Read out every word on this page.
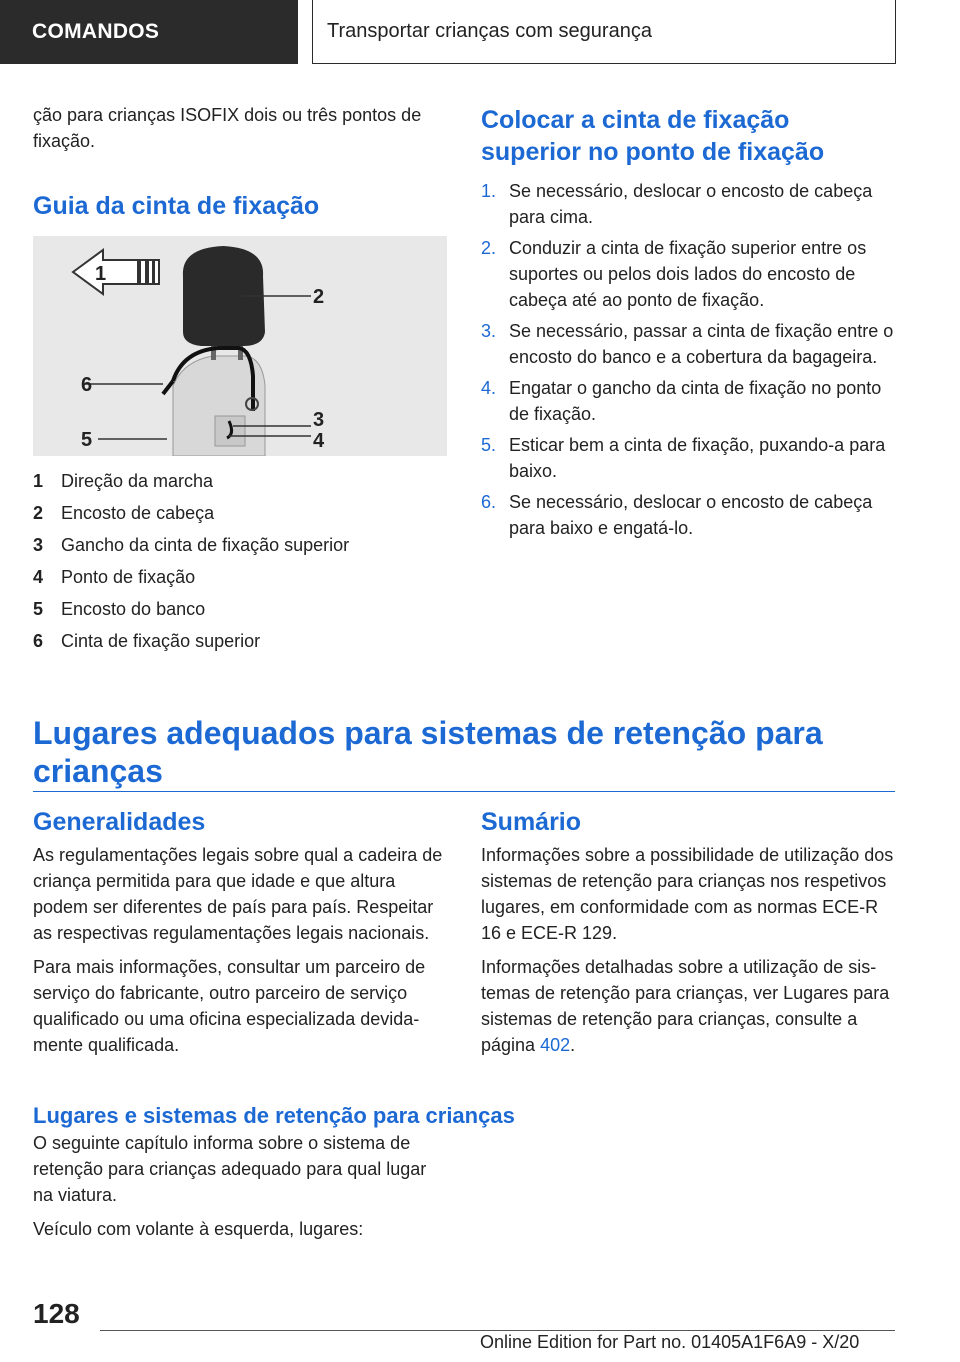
COMANDOS	Transportar crianças com segurança

ção para crianças ISOFIX dois ou três pontos de fixação.

Guia da cinta de fixação
1
2
3
4
5
6
1 Direção da marcha
2 Encosto de cabeça
3 Gancho da cinta de fixação superior
4 Ponto de fixação
5 Encosto do banco
6 Cinta de fixação superior
Colocar a cinta de fixação superior no ponto de fixação
1. Se necessário, deslocar o encosto de cabeça para cima.
2. Conduzir a cinta de fixação superior entre os suportes ou pelos dois lados do encosto de cabeça até ao ponto de fixação.
3. Se necessário, passar a cinta de fixação entre o encosto do banco e a cobertura da bagageira.
4. Engatar o gancho da cinta de fixação no ponto de fixação.
5. Esticar bem a cinta de fixação, puxando-a para baixo.
6. Se necessário, deslocar o encosto de cabeça para baixo e engatá-lo.
Lugares adequados para sistemas de retenção para crianças
Generalidades

As regulamentações legais sobre qual a cadeira de criança permitida para que idade e que altura podem ser diferentes de país para país. Respeitar as respectivas regulamentações legais nacionais.

Para mais informações, consultar um parceiro de serviço do fabricante, outro parceiro de serviço qualificado ou uma oficina especializada devidamente qualificada.

Sumário

Informações sobre a possibilidade de utilização dos sistemas de retenção para crianças nos respetivos lugares, em conformidade com as normas ECE-R 16 e ECE-R 129.

Informações detalhadas sobre a utilização de sistemas de retenção para crianças, ver Lugares para sistemas de retenção para crianças, consulte a página 402.

Lugares e sistemas de retenção para crianças

O seguinte capítulo informa sobre o sistema de retenção para crianças adequado para qual lugar na viatura.

Veículo com volante à esquerda, lugares:

128
Online Edition for Part no. 01405A1F6A9 - X/20
